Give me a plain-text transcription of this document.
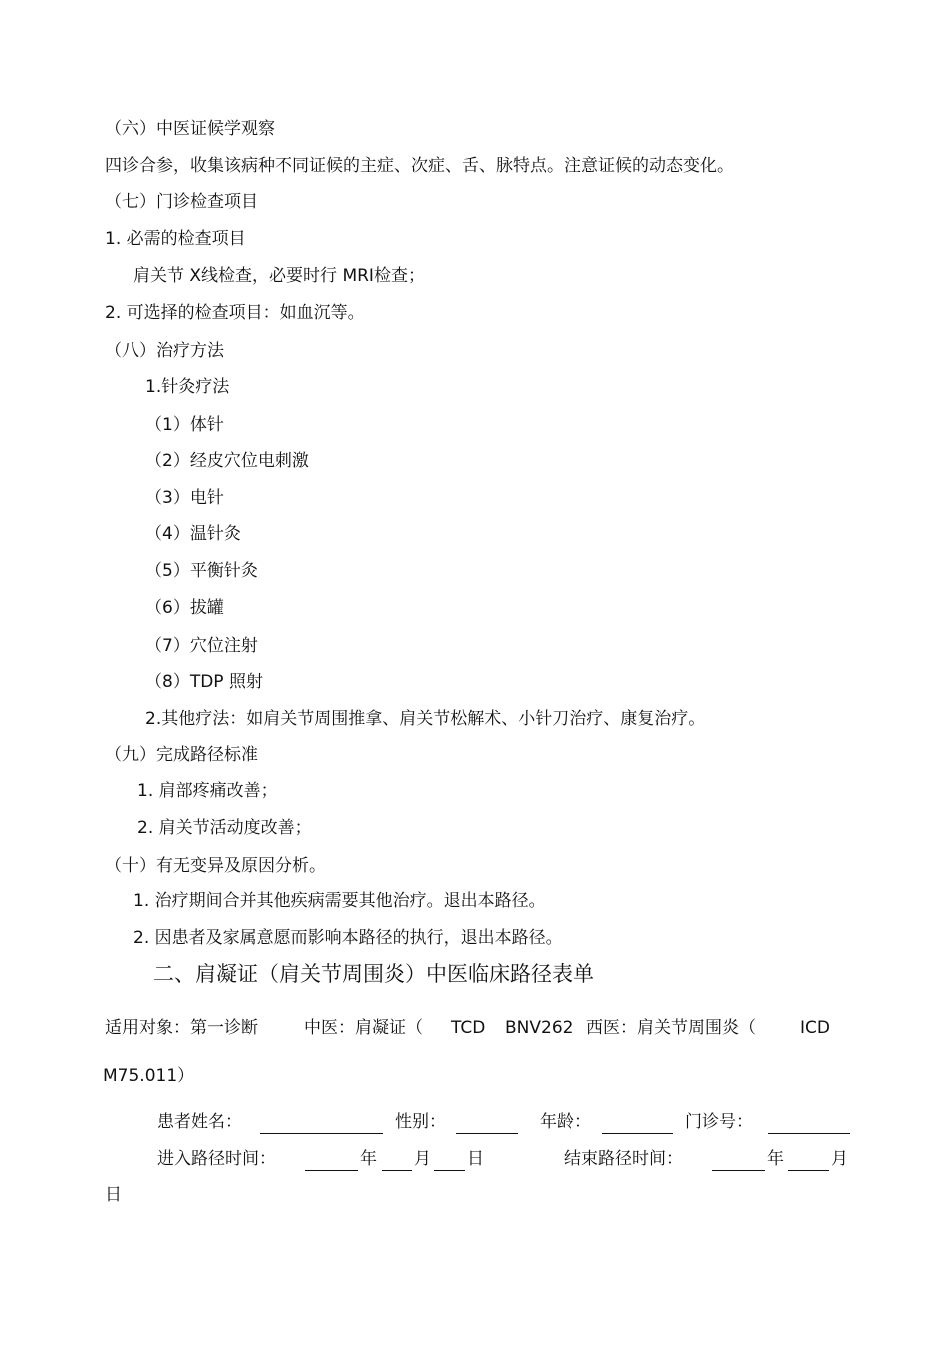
（六）中医证候学观察
四诊合参，收集该病种不同证候的主症、次症、舌、脉特点。注意证候的动态变化。
（七）门诊检查项目
1. 必需的检查项目
肩关节 X线检查，必要时行 MRI检查；
2. 可选择的检查项目：如血沉等。
（八）治疗方法
1.针灸疗法
（1）体针
（2）经皮穴位电刺激
（3）电针
（4）温针灸
（5）平衡针灸
（6）拔罐
（7）穴位注射
（8）TDP 照射
2.其他疗法：如肩关节周围推拿、肩关节松解术、小针刀治疗、康复治疗。
（九）完成路径标准
1. 肩部疼痛改善；
2. 肩关节活动度改善；
（十）有无变异及原因分析。
1. 治疗期间合并其他疾病需要其他治疗。退出本路径。
2. 因患者及家属意愿而影响本路径的执行，退出本路径。
二、肩凝证（肩关节周围炎）中医临床路径表单
适用对象：第一诊断	中医：肩凝证（ TCD BNV262 西医：肩关节周围炎（	ICD
M75.011）
患者姓名：	性别：	年龄：	门诊号：
进入路径时间：	年 月 日	结束路径时间：	年	月
日
